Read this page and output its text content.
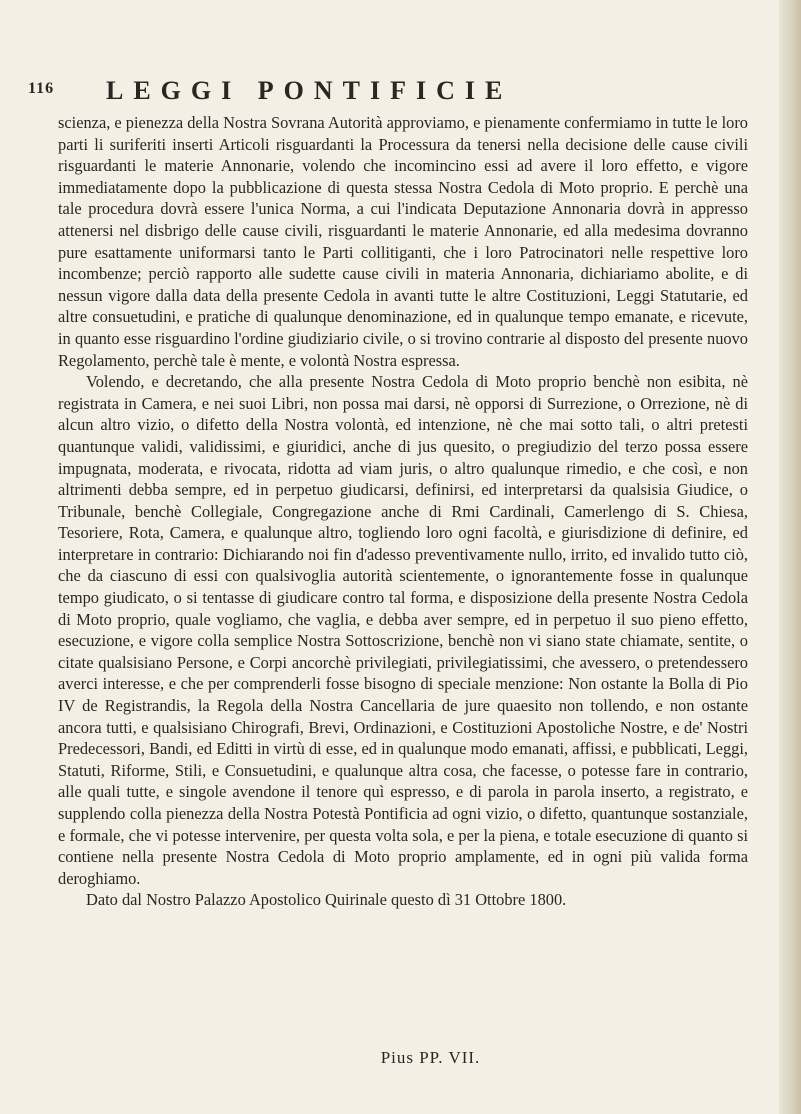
116 LEGGI PONTIFICIE

scienza, e pienezza della Nostra Sovrana Autorità approviamo, e pienamente confermiamo in tutte le loro parti li suriferiti inserti Articoli risguardanti la Processura da tenersi nella decisione delle cause civili risguardanti le materie Annonarie, volendo che incomincino essi ad avere il loro effetto, e vigore immediatamente dopo la pubblicazione di questa stessa Nostra Cedola di Moto proprio. E perchè una tale procedura dovrà essere l'unica Norma, a cui l'indicata Deputazione Annonaria dovrà in appresso attenersi nel disbrigo delle cause civili, risguardanti le materie Annonarie, ed alla medesima dovranno pure esattamente uniformarsi tanto le Parti collitiganti, che i loro Patrocinatori nelle respettive loro incombenze; perciò rapporto alle sudette cause civili in materia Annonaria, dichiariamo abolite, e di nessun vigore dalla data della presente Cedola in avanti tutte le altre Costituzioni, Leggi Statutarie, ed altre consuetudini, e pratiche di qualunque denominazione, ed in qualunque tempo emanate, e ricevute, in quanto esse risguardino l'ordine giudiziario civile, o si trovino contrarie al disposto del presente nuovo Regolamento, perchè tale è mente, e volontà Nostra espressa.

Volendo, e decretando, che alla presente Nostra Cedola di Moto proprio benchè non esibita, nè registrata in Camera, e nei suoi Libri, non possa mai darsi, nè opporsi di Surrezione, o Orrezione, nè di alcun altro vizio, o difetto della Nostra volontà, ed intenzione, nè che mai sotto tali, o altri pretesti quantunque validi, validissimi, e giuridici, anche di jus quesito, o pregiudizio del terzo possa essere impugnata, moderata, e rivocata, ridotta ad viam juris, o altro qualunque rimedio, e che così, e non altrimenti debba sempre, ed in perpetuo giudicarsi, definirsi, ed interpretarsi da qualsisia Giudice, o Tribunale, benchè Collegiale, Congregazione anche di Rmi Cardinali, Camerlengo di S. Chiesa, Tesoriere, Rota, Camera, e qualunque altro, togliendo loro ogni facoltà, e giurisdizione di definire, ed interpretare in contrario: Dichiarando noi fin d'adesso preventivamente nullo, irrito, ed invalido tutto ciò, che da ciascuno di essi con qualsivoglia autorità scientemente, o ignorantemente fosse in qualunque tempo giudicato, o si tentasse di giudicare contro tal forma, e disposizione della presente Nostra Cedola di Moto proprio, quale vogliamo, che vaglia, e debba aver sempre, ed in perpetuo il suo pieno effetto, esecuzione, e vigore colla semplice Nostra Sottoscrizione, benchè non vi siano state chiamate, sentite, o citate qualsisiano Persone, e Corpi ancorchè privilegiati, privilegiatissimi, che avessero, o pretendessero averci interesse, e che per comprenderli fosse bisogno di speciale menzione: Non ostante la Bolla di Pio IV de Registrandis, la Regola della Nostra Cancellaria de jure quaesito non tollendo, e non ostante ancora tutti, e qualsisiano Chirografi, Brevi, Ordinazioni, e Costituzioni Apostoliche Nostre, e de' Nostri Predecessori, Bandi, ed Editti in virtù di esse, ed in qualunque modo emanati, affissi, e pubblicati, Leggi, Statuti, Riforme, Stili, e Consuetudini, e qualunque altra cosa, che facesse, o potesse fare in contrario, alle quali tutte, e singole avendone il tenore quì espresso, e di parola in parola inserto, a registrato, e supplendo colla pienezza della Nostra Potestà Pontificia ad ogni vizio, o difetto, quantunque sostanziale, e formale, che vi potesse intervenire, per questa volta sola, e per la piena, e totale esecuzione di quanto si contiene nella presente Nostra Cedola di Moto proprio amplamente, ed in ogni più valida forma deroghiamo.

Dato dal Nostro Palazzo Apostolico Quirinale questo dì 31 Ottobre 1800.

Pius PP. VII.
